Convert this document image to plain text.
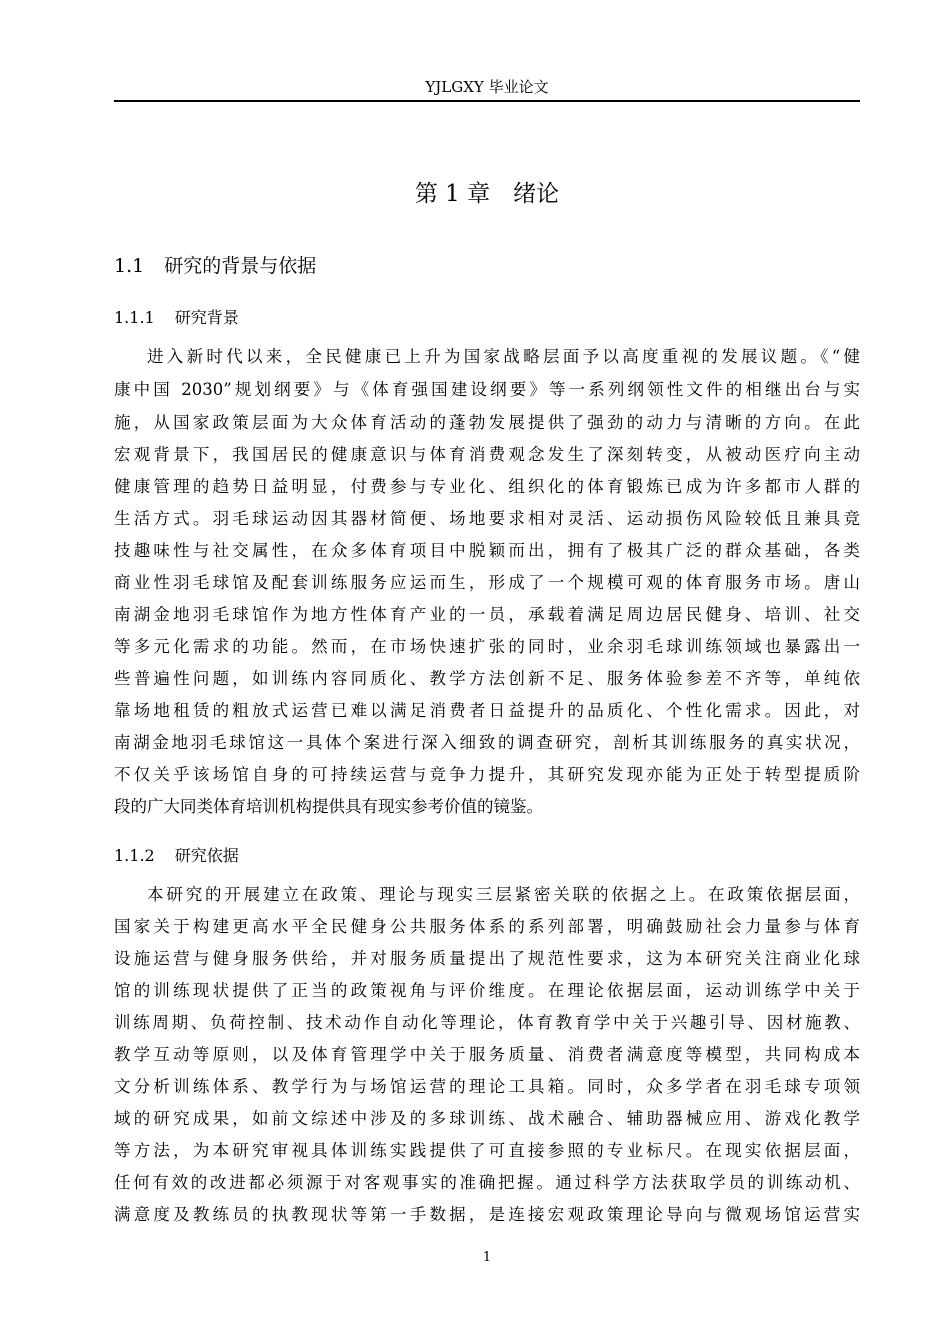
YJLGXY 毕业论文
第 1 章　绪论
1.1 研究的背景与依据
1.1.1 研究背景
进入新时代以来，全民健康已上升为国家战略层面予以高度重视的发展议题。《“健
康中国 2030”规划纲要》与《体育强国建设纲要》等一系列纲领性文件的相继出台与实
施，从国家政策层面为大众体育活动的蓬勃发展提供了强劲的动力与清晰的方向。在此
宏观背景下，我国居民的健康意识与体育消费观念发生了深刻转变，从被动医疗向主动
健康管理的趋势日益明显，付费参与专业化、组织化的体育锻炼已成为许多都市人群的
生活方式。羽毛球运动因其器材简便、场地要求相对灵活、运动损伤风险较低且兼具竞
技趣味性与社交属性，在众多体育项目中脱颖而出，拥有了极其广泛的群众基础，各类
商业性羽毛球馆及配套训练服务应运而生，形成了一个规模可观的体育服务市场。唐山
南湖金地羽毛球馆作为地方性体育产业的一员，承载着满足周边居民健身、培训、社交
等多元化需求的功能。然而，在市场快速扩张的同时，业余羽毛球训练领域也暴露出一
些普遍性问题，如训练内容同质化、教学方法创新不足、服务体验参差不齐等，单纯依
靠场地租赁的粗放式运营已难以满足消费者日益提升的品质化、个性化需求。因此，对
南湖金地羽毛球馆这一具体个案进行深入细致的调查研究，剖析其训练服务的真实状况，
不仅关乎该场馆自身的可持续运营与竞争力提升，其研究发现亦能为正处于转型提质阶
段的广大同类体育培训机构提供具有现实参考价值的镜鉴。
1.1.2 研究依据
本研究的开展建立在政策、理论与现实三层紧密关联的依据之上。在政策依据层面，
国家关于构建更高水平全民健身公共服务体系的系列部署，明确鼓励社会力量参与体育
设施运营与健身服务供给，并对服务质量提出了规范性要求，这为本研究关注商业化球
馆的训练现状提供了正当的政策视角与评价维度。在理论依据层面，运动训练学中关于
训练周期、负荷控制、技术动作自动化等理论，体育教育学中关于兴趣引导、因材施教、
教学互动等原则，以及体育管理学中关于服务质量、消费者满意度等模型，共同构成本
文分析训练体系、教学行为与场馆运营的理论工具箱。同时，众多学者在羽毛球专项领
域的研究成果，如前文综述中涉及的多球训练、战术融合、辅助器械应用、游戏化教学
等方法，为本研究审视具体训练实践提供了可直接参照的专业标尺。在现实依据层面，
任何有效的改进都必须源于对客观事实的准确把握。通过科学方法获取学员的训练动机、
满意度及教练员的执教现状等第一手数据，是连接宏观政策理论导向与微观场馆运营实
1
